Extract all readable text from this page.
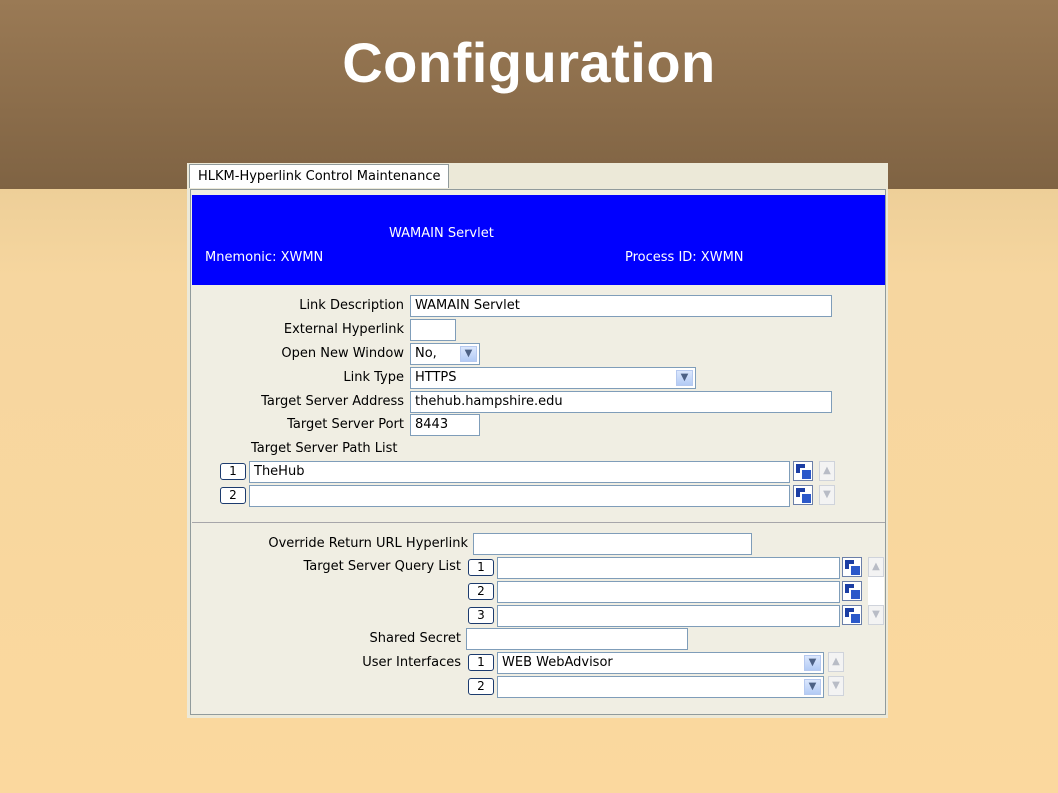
Configuration
HLKM-Hyperlink Control Maintenance
WAMAIN Servlet
Mnemonic: XWMN	Process ID: XWMN
Link Description WAMAIN Servlet
External Hyperlink
Open New Window No,	▼
Link Type HTTPS	▼
Target Server Address thehub.hampshire.edu
Target Server Port 8443
Target Server Path List
1	TheHub	▲
2	▼
Override Return URL Hyperlink
Target Server Query List	1
2
3
▲
▼
Shared Secret
User Interfaces	1	WEB WebAdvisor	▼	▲
2	▼	▼
